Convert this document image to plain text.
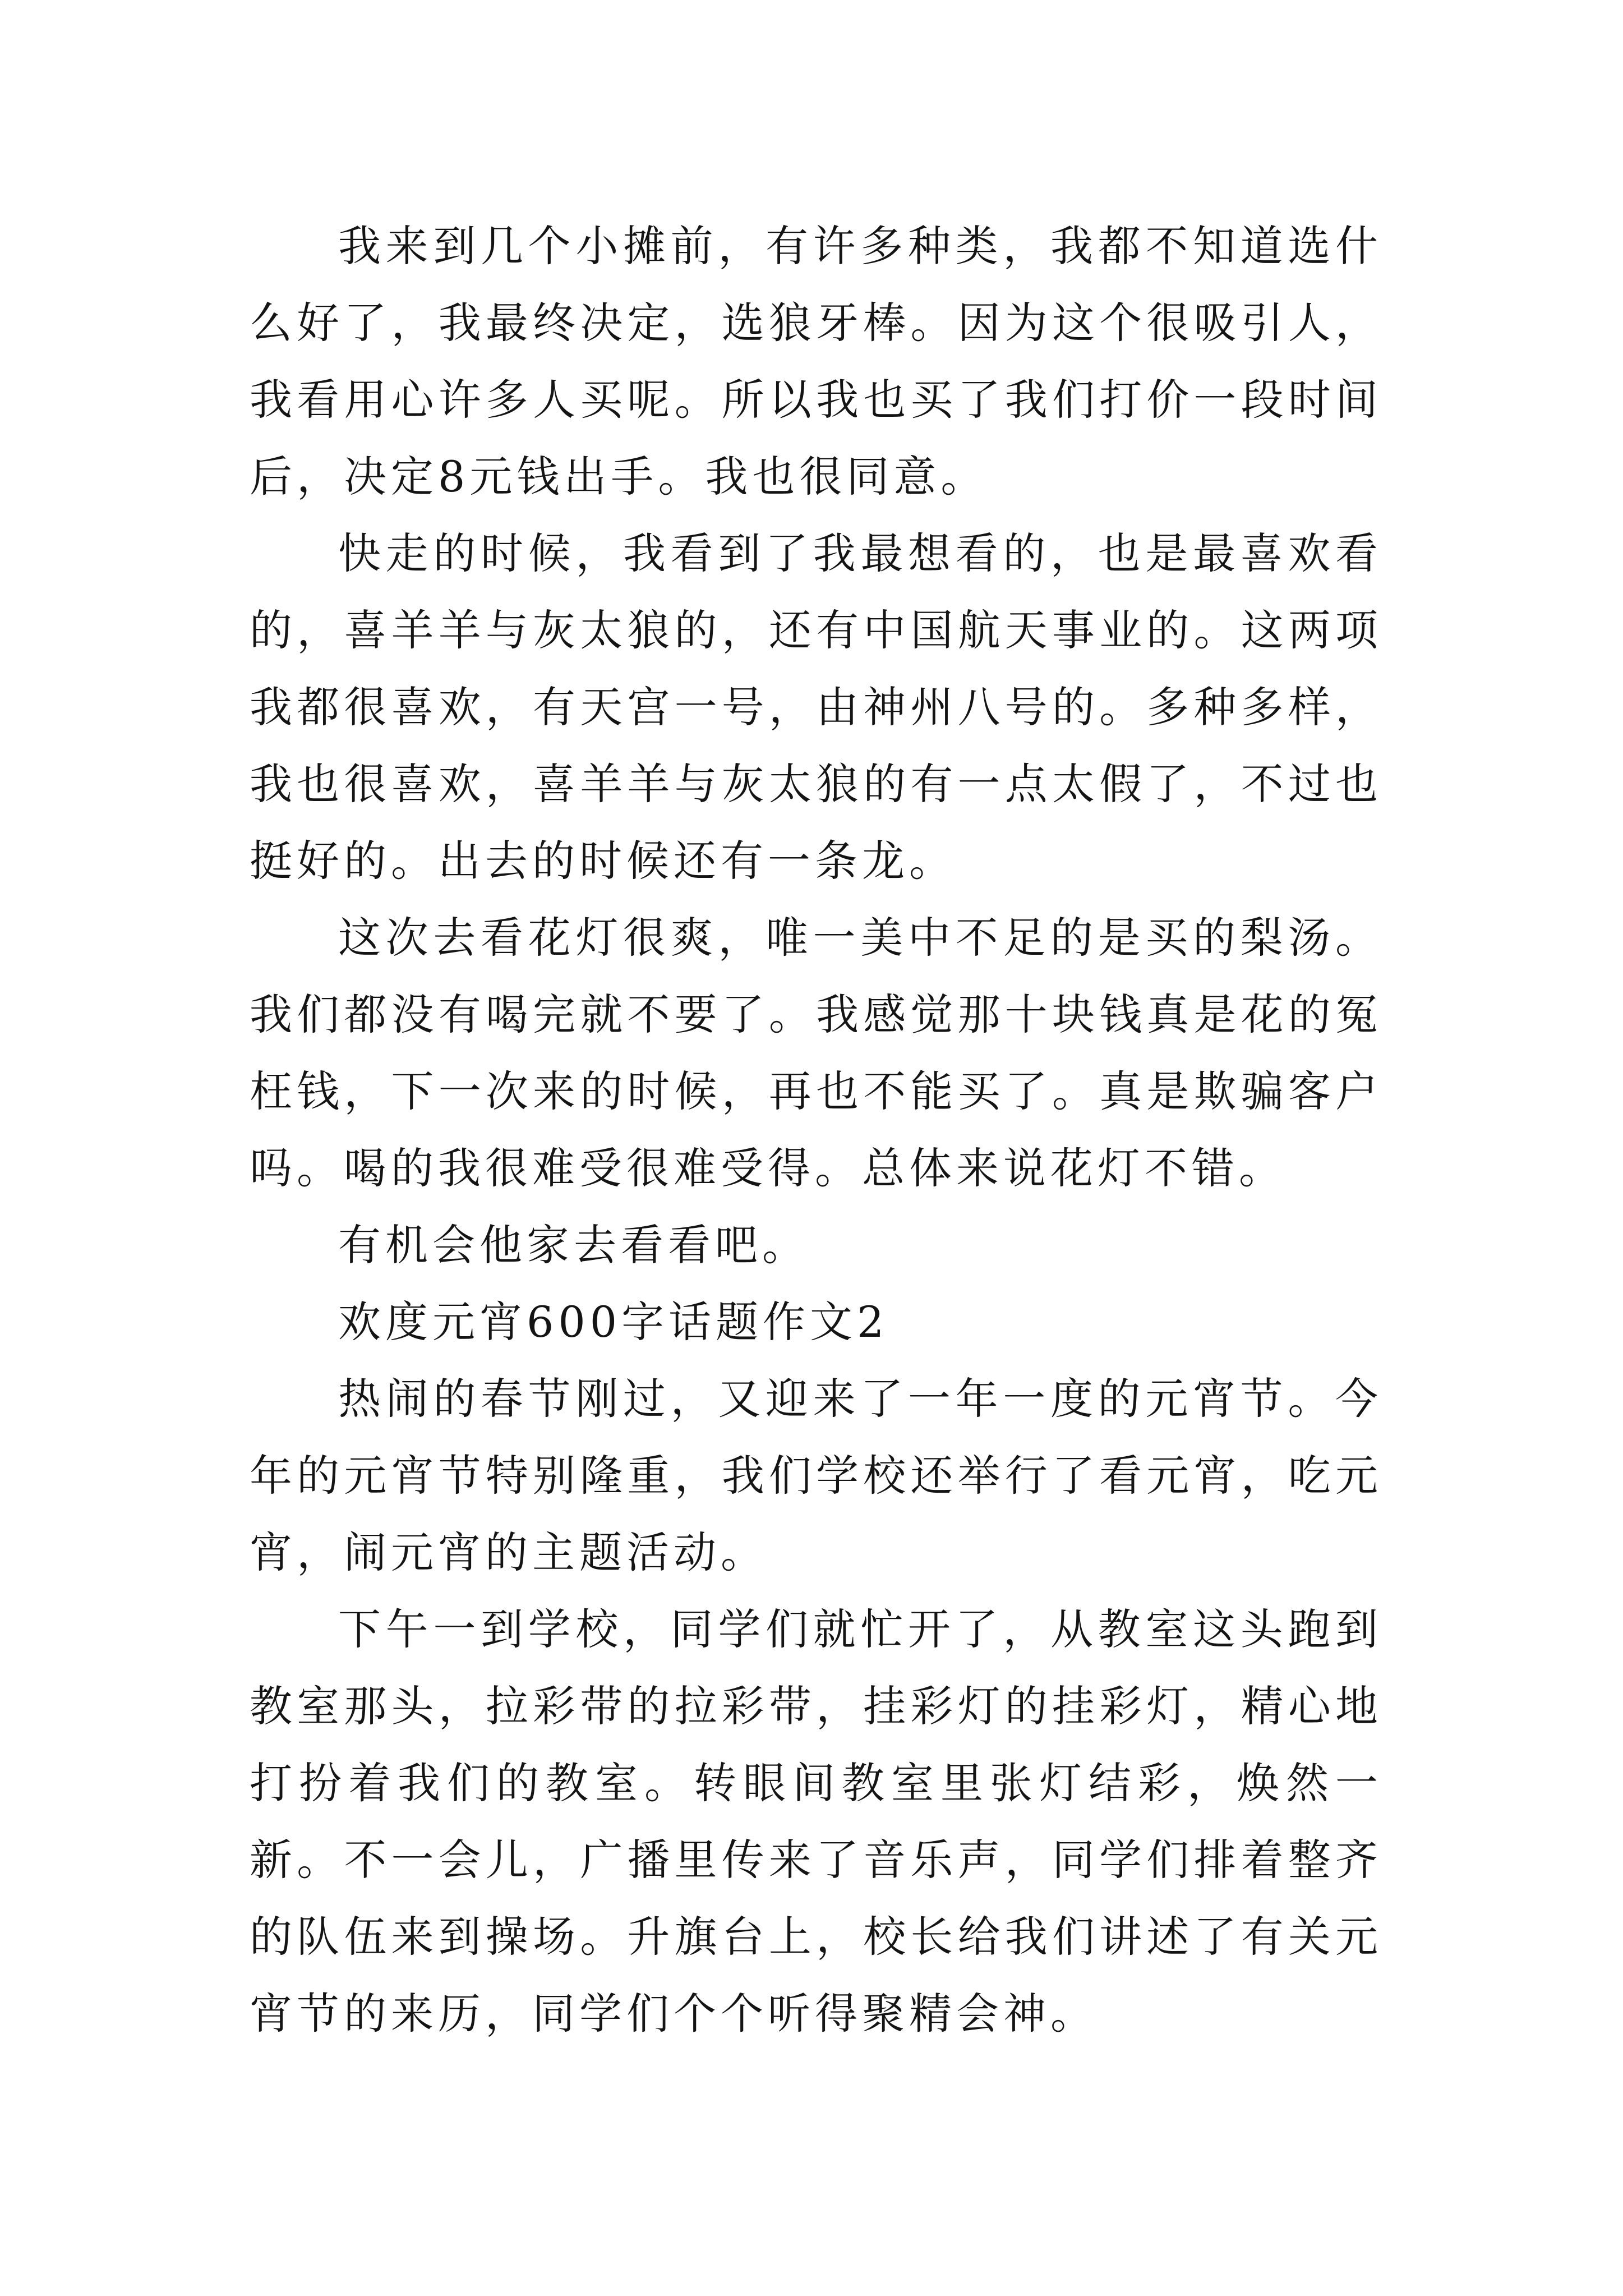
我来到几个小摊前，有许多种类，我都不知道选什么好了，我最终决定，选狼牙棒。因为这个很吸引人，我看用心许多人买呢。所以我也买了我们打价一段时间后，决定8元钱出手。我也很同意。

快走的时候，我看到了我最想看的，也是最喜欢看的，喜羊羊与灰太狼的，还有中国航天事业的。这两项我都很喜欢，有天宫一号，由神州八号的。多种多样，我也很喜欢，喜羊羊与灰太狼的有一点太假了，不过也挺好的。出去的时候还有一条龙。

这次去看花灯很爽，唯一美中不足的是买的梨汤。我们都没有喝完就不要了。我感觉那十块钱真是花的冤枉钱，下一次来的时候，再也不能买了。真是欺骗客户吗。喝的我很难受很难受得。总体来说花灯不错。

有机会他家去看看吧。

欢度元宵600字话题作文2

热闹的春节刚过，又迎来了一年一度的元宵节。今年的元宵节特别隆重，我们学校还举行了看元宵，吃元宵，闹元宵的主题活动。

下午一到学校，同学们就忙开了，从教室这头跑到教室那头，拉彩带的拉彩带，挂彩灯的挂彩灯，精心地打扮着我们的教室。转眼间教室里张灯结彩，焕然一新。不一会儿，广播里传来了音乐声，同学们排着整齐的队伍来到操场。升旗台上，校长给我们讲述了有关元宵节的来历，同学们个个听得聚精会神。
